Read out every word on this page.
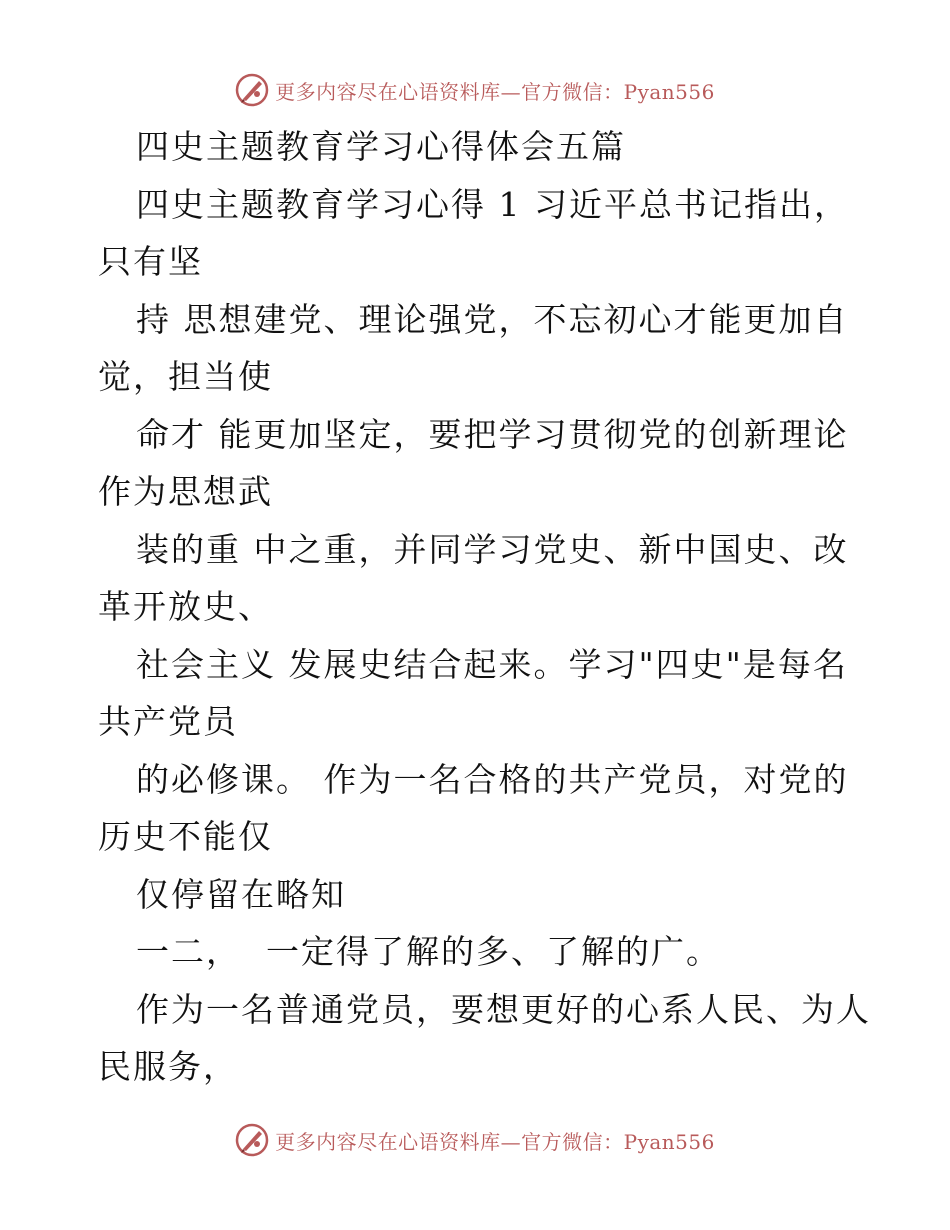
更多内容尽在心语资料库—官方微信：Pyan556
四史主题教育学习心得体会五篇
四史主题教育学习心得 1 习近平总书记指出，
只有坚
持 思想建党、理论强党，不忘初心才能更加自
觉，担当使
命才 能更加坚定，要把学习贯彻党的创新理论
作为思想武
装的重 中之重，并同学习党史、新中国史、改
革开放史、
社会主义 发展史结合起来。学习"四史"是每名
共产党员
的必修课。 作为一名合格的共产党员，对党的
历史不能仅
仅停留在略知
一二，  一定得了解的多、了解的广。
作为一名普通党员，要想更好的心系人民、为人
民服务，
更多内容尽在心语资料库—官方微信：Pyan556
